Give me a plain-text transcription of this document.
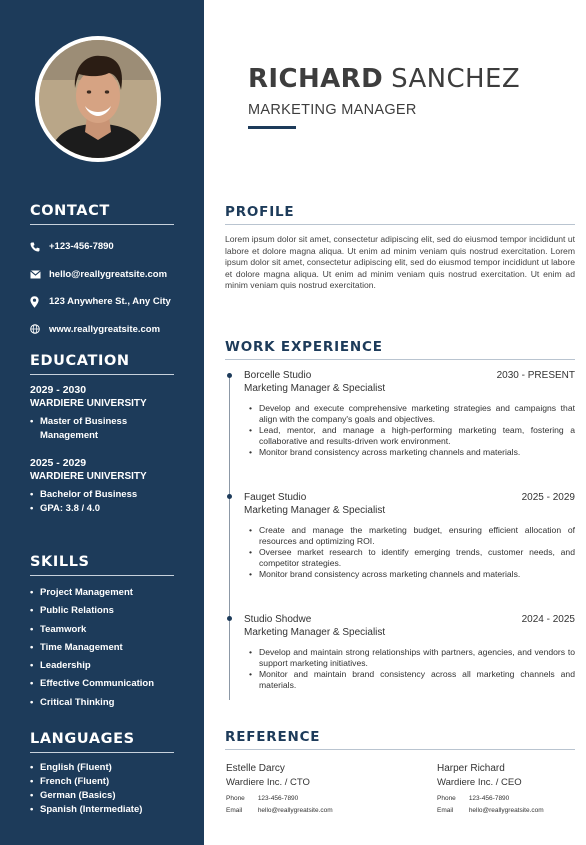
CONTACT
+123-456-7890
hello@reallygreatsite.com
123 Anywhere St., Any City
www.reallygreatsite.com
EDUCATION
2029 - 2030
WARDIERE UNIVERSITY
• Master of Business Management
2025 - 2029
WARDIERE UNIVERSITY
• Bachelor of Business
• GPA: 3.8 / 4.0
SKILLS
• Project Management
• Public Relations
• Teamwork
• Time Management
• Leadership
• Effective Communication
• Critical Thinking
LANGUAGES
• English (Fluent)
• French (Fluent)
• German (Basics)
• Spanish (Intermediate)
RICHARD SANCHEZ
MARKETING MANAGER
PROFILE
Lorem ipsum dolor sit amet, consectetur adipiscing elit, sed do eiusmod tempor incididunt ut labore et dolore magna aliqua. Ut enim ad minim veniam quis nostrud exercitation. Lorem ipsum dolor sit amet, consectetur adipiscing elit, sed do eiusmod tempor incididunt ut labore et dolore magna aliqua. Ut enim ad minim veniam quis nostrud exercitation. Ut enim ad minim veniam quis nostrud exercitation.
WORK EXPERIENCE
Borcelle Studio	2030 - PRESENT
Marketing Manager & Specialist
• Develop and execute comprehensive marketing strategies and campaigns that align with the company's goals and objectives.
• Lead, mentor, and manage a high-performing marketing team, fostering a collaborative and results-driven work environment.
• Monitor brand consistency across marketing channels and materials.
Fauget Studio	2025 - 2029
Marketing Manager & Specialist
• Create and manage the marketing budget, ensuring efficient allocation of resources and optimizing ROI.
• Oversee market research to identify emerging trends, customer needs, and competitor strategies.
• Monitor brand consistency across marketing channels and materials.
Studio Shodwe	2024 - 2025
Marketing Manager & Specialist
• Develop and maintain strong relationships with partners, agencies, and vendors to support marketing initiatives.
• Monitor and maintain brand consistency across all marketing channels and materials.
REFERENCE
Estelle Darcy
Wardiere Inc. / CTO
Phone 123-456-7890
Email hello@reallygreatsite.com
Harper Richard
Wardiere Inc. / CEO
Phone 123-456-7890
Email hello@reallygreatsite.com
